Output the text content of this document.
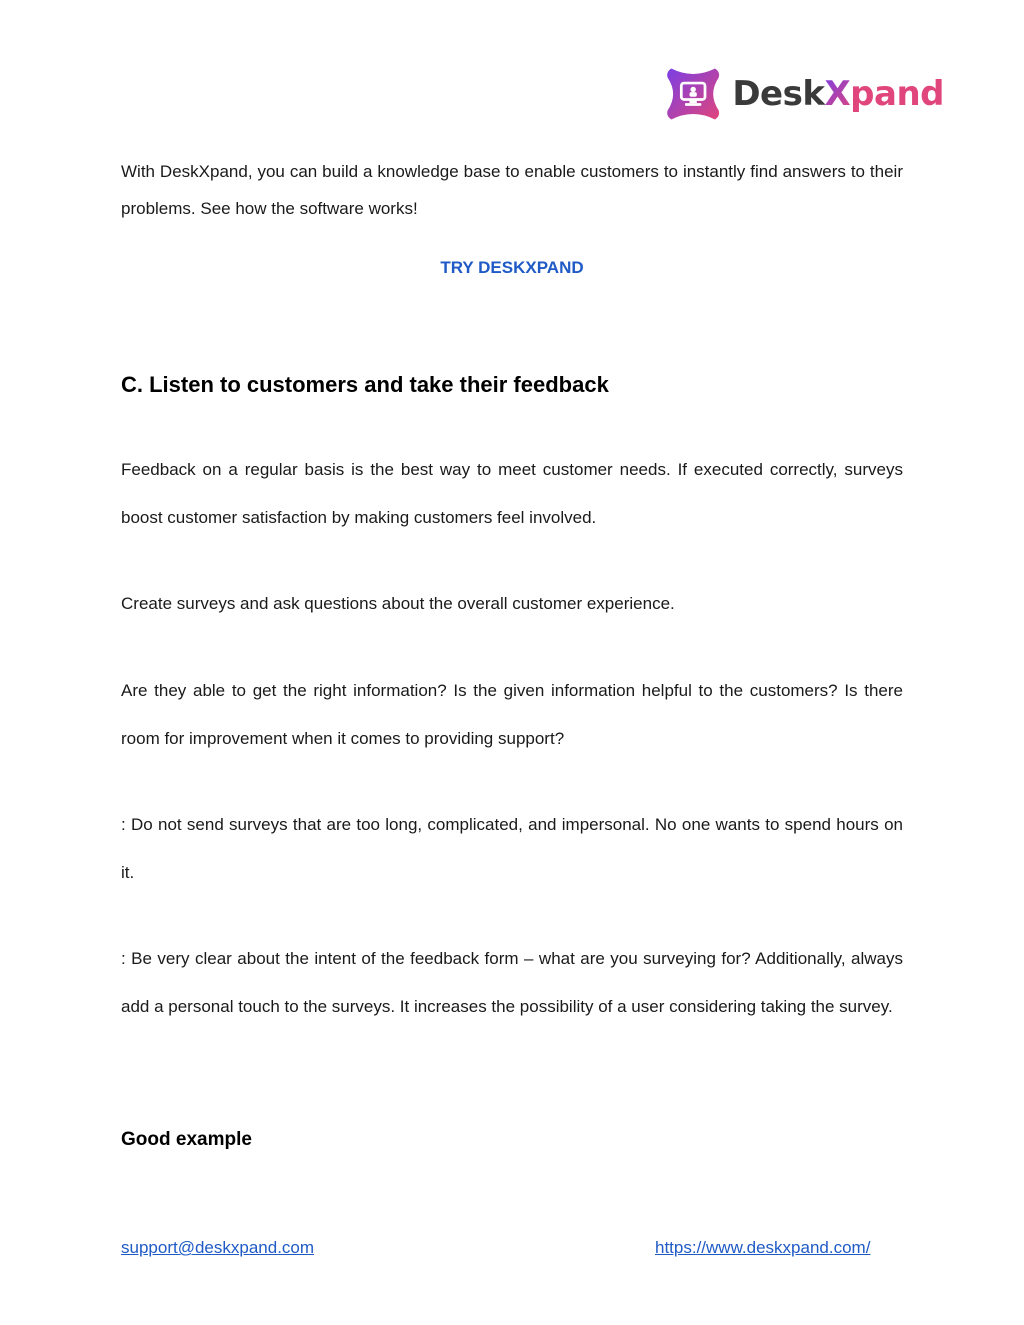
DeskXpand
With DeskXpand, you can build a knowledge base to enable customers to instantly find answers to their problems. See how the software works!
TRY DESKXPAND
C. Listen to customers and take their feedback
Feedback on a regular basis is the best way to meet customer needs. If executed correctly, surveys boost customer satisfaction by making customers feel involved.
Create surveys and ask questions about the overall customer experience.
Are they able to get the right information? Is the given information helpful to the customers? Is there room for improvement when it comes to providing support?
: Do not send surveys that are too long, complicated, and impersonal. No one wants to spend hours on it.
: Be very clear about the intent of the feedback form – what are you surveying for? Additionally, always add a personal touch to the surveys. It increases the possibility of a user considering taking the survey.
Good example
support@deskxpand.com	https://www.deskxpand.com/
